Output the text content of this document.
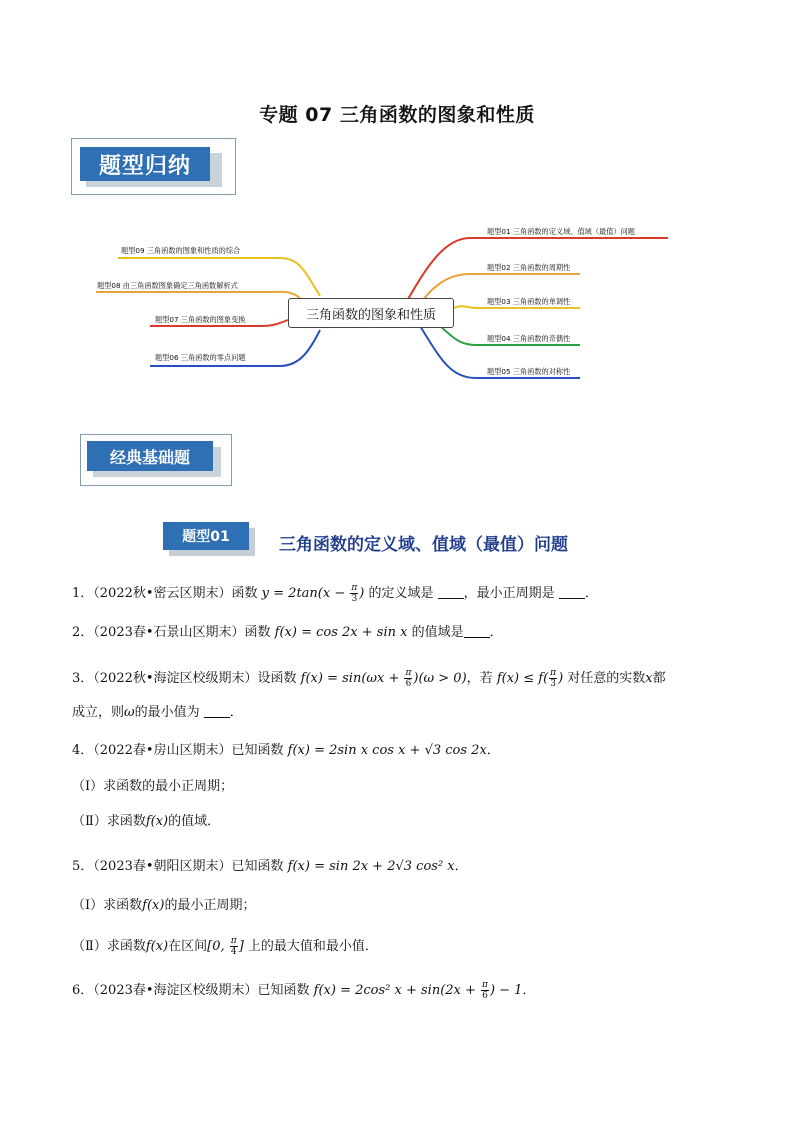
专题 07 三角函数的图象和性质
题型归纳
题型01 三角函数的定义域、值域（最值）问题
题型02 三角函数的周期性
题型03 三角函数的单调性
题型04 三角函数的奇偶性
题型05 三角函数的对称性
题型09 三角函数的图象和性质的综合
题型08 由三角函数图象确定三角函数解析式
题型07 三角函数的图象变换
题型06 三角函数的零点问题
三角函数的图象和性质
经典基础题
题型01	三角函数的定义域、值域（最值）问题
1．（2022秋•密云区期末）函数 $y = 2\tan(x - \frac{\pi}{3}$ ) 的定义域是 ，最小正周期是 ．
2．（2023春•石景山区期末）函数 f(x) = cos 2x + sin x 的值域是 ．
3．（2022秋•海淀区校级期末）设函数 $f(x) = \sin(\omega x + \frac{\pi}{6} )(\omega > 0)$，若 $f(x) \le f( \frac{\pi}{3}$ ) 对任意的实数x都
成立，则ω的最小值为 ．
4．（2022春•房山区期末）已知函数 f(x) = 2sin x cos x + √3 cos 2x．
（Ⅰ）求函数的最小正周期；
（Ⅱ）求函数f(x)的值域．
5．（2023春•朝阳区期末）已知函数 f(x) = sin 2x + 2√3 cos² x．
（Ⅰ）求函数f(x)的最小正周期；
（Ⅱ）求函数f(x)在区间[0, $\frac{\pi}{4}$ ] 上的最大值和最小值．
6．（2023春•海淀区校级期末）已知函数 f(x) = 2cos² $x + \sin(2x + \frac{\pi}{6}$ ) − 1．
